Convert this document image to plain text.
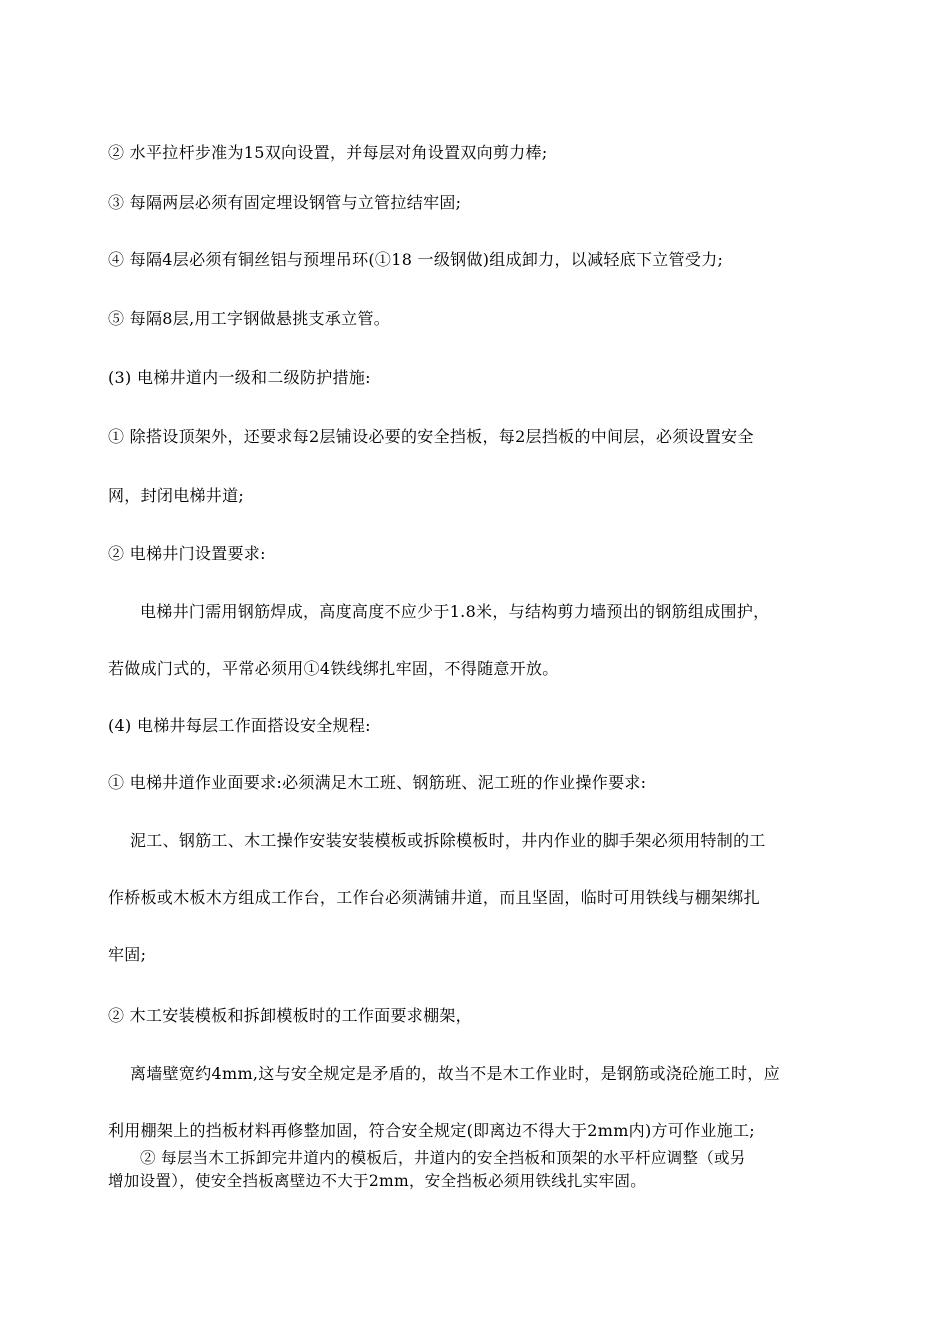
② 水平拉杆步准为15双向设置，并每层对角设置双向剪力棒;
③ 每隔两层必须有固定埋设钢管与立管拉结牢固;
④ 每隔4层必须有铜丝铝与预埋吊环(①18 一级钢做)组成卸力，以减轻底下立管受力;
⑤ 每隔8层,用工字钢做悬挑支承立管。
(3) 电梯井道内一级和二级防护措施:
① 除搭设顶架外，还要求每2层铺设必要的安全挡板，每2层挡板的中间层，必须设置安全
网，封闭电梯井道;
② 电梯井门设置要求:
电梯井门需用钢筋焊成，高度高度不应少于1.8米，与结构剪力墙预出的钢筋组成围护，
若做成门式的，平常必须用①4铁线绑扎牢固，不得随意开放。
(4) 电梯井每层工作面搭设安全规程:
① 电梯井道作业面要求:必须满足木工班、钢筋班、泥工班的作业操作要求:
泥工、钢筋工、木工操作安装安装模板或拆除模板时，井内作业的脚手架必须用特制的工
作桥板或木板木方组成工作台，工作台必须满铺井道，而且坚固，临时可用铁线与棚架绑扎
牢固;
② 木工安装模板和拆卸模板时的工作面要求棚架，
离墙壁宽约4mm,这与安全规定是矛盾的，故当不是木工作业时，是钢筋或浇砼施工时，应
利用棚架上的挡板材料再修整加固，符合安全规定(即离边不得大于2mm内)方可作业施工;
② 每层当木工拆卸完井道内的模板后，井道内的安全挡板和顶架的水平杆应调整（或另
增加设置），使安全挡板离壁边不大于2mm，安全挡板必须用铁线扎实牢固。
